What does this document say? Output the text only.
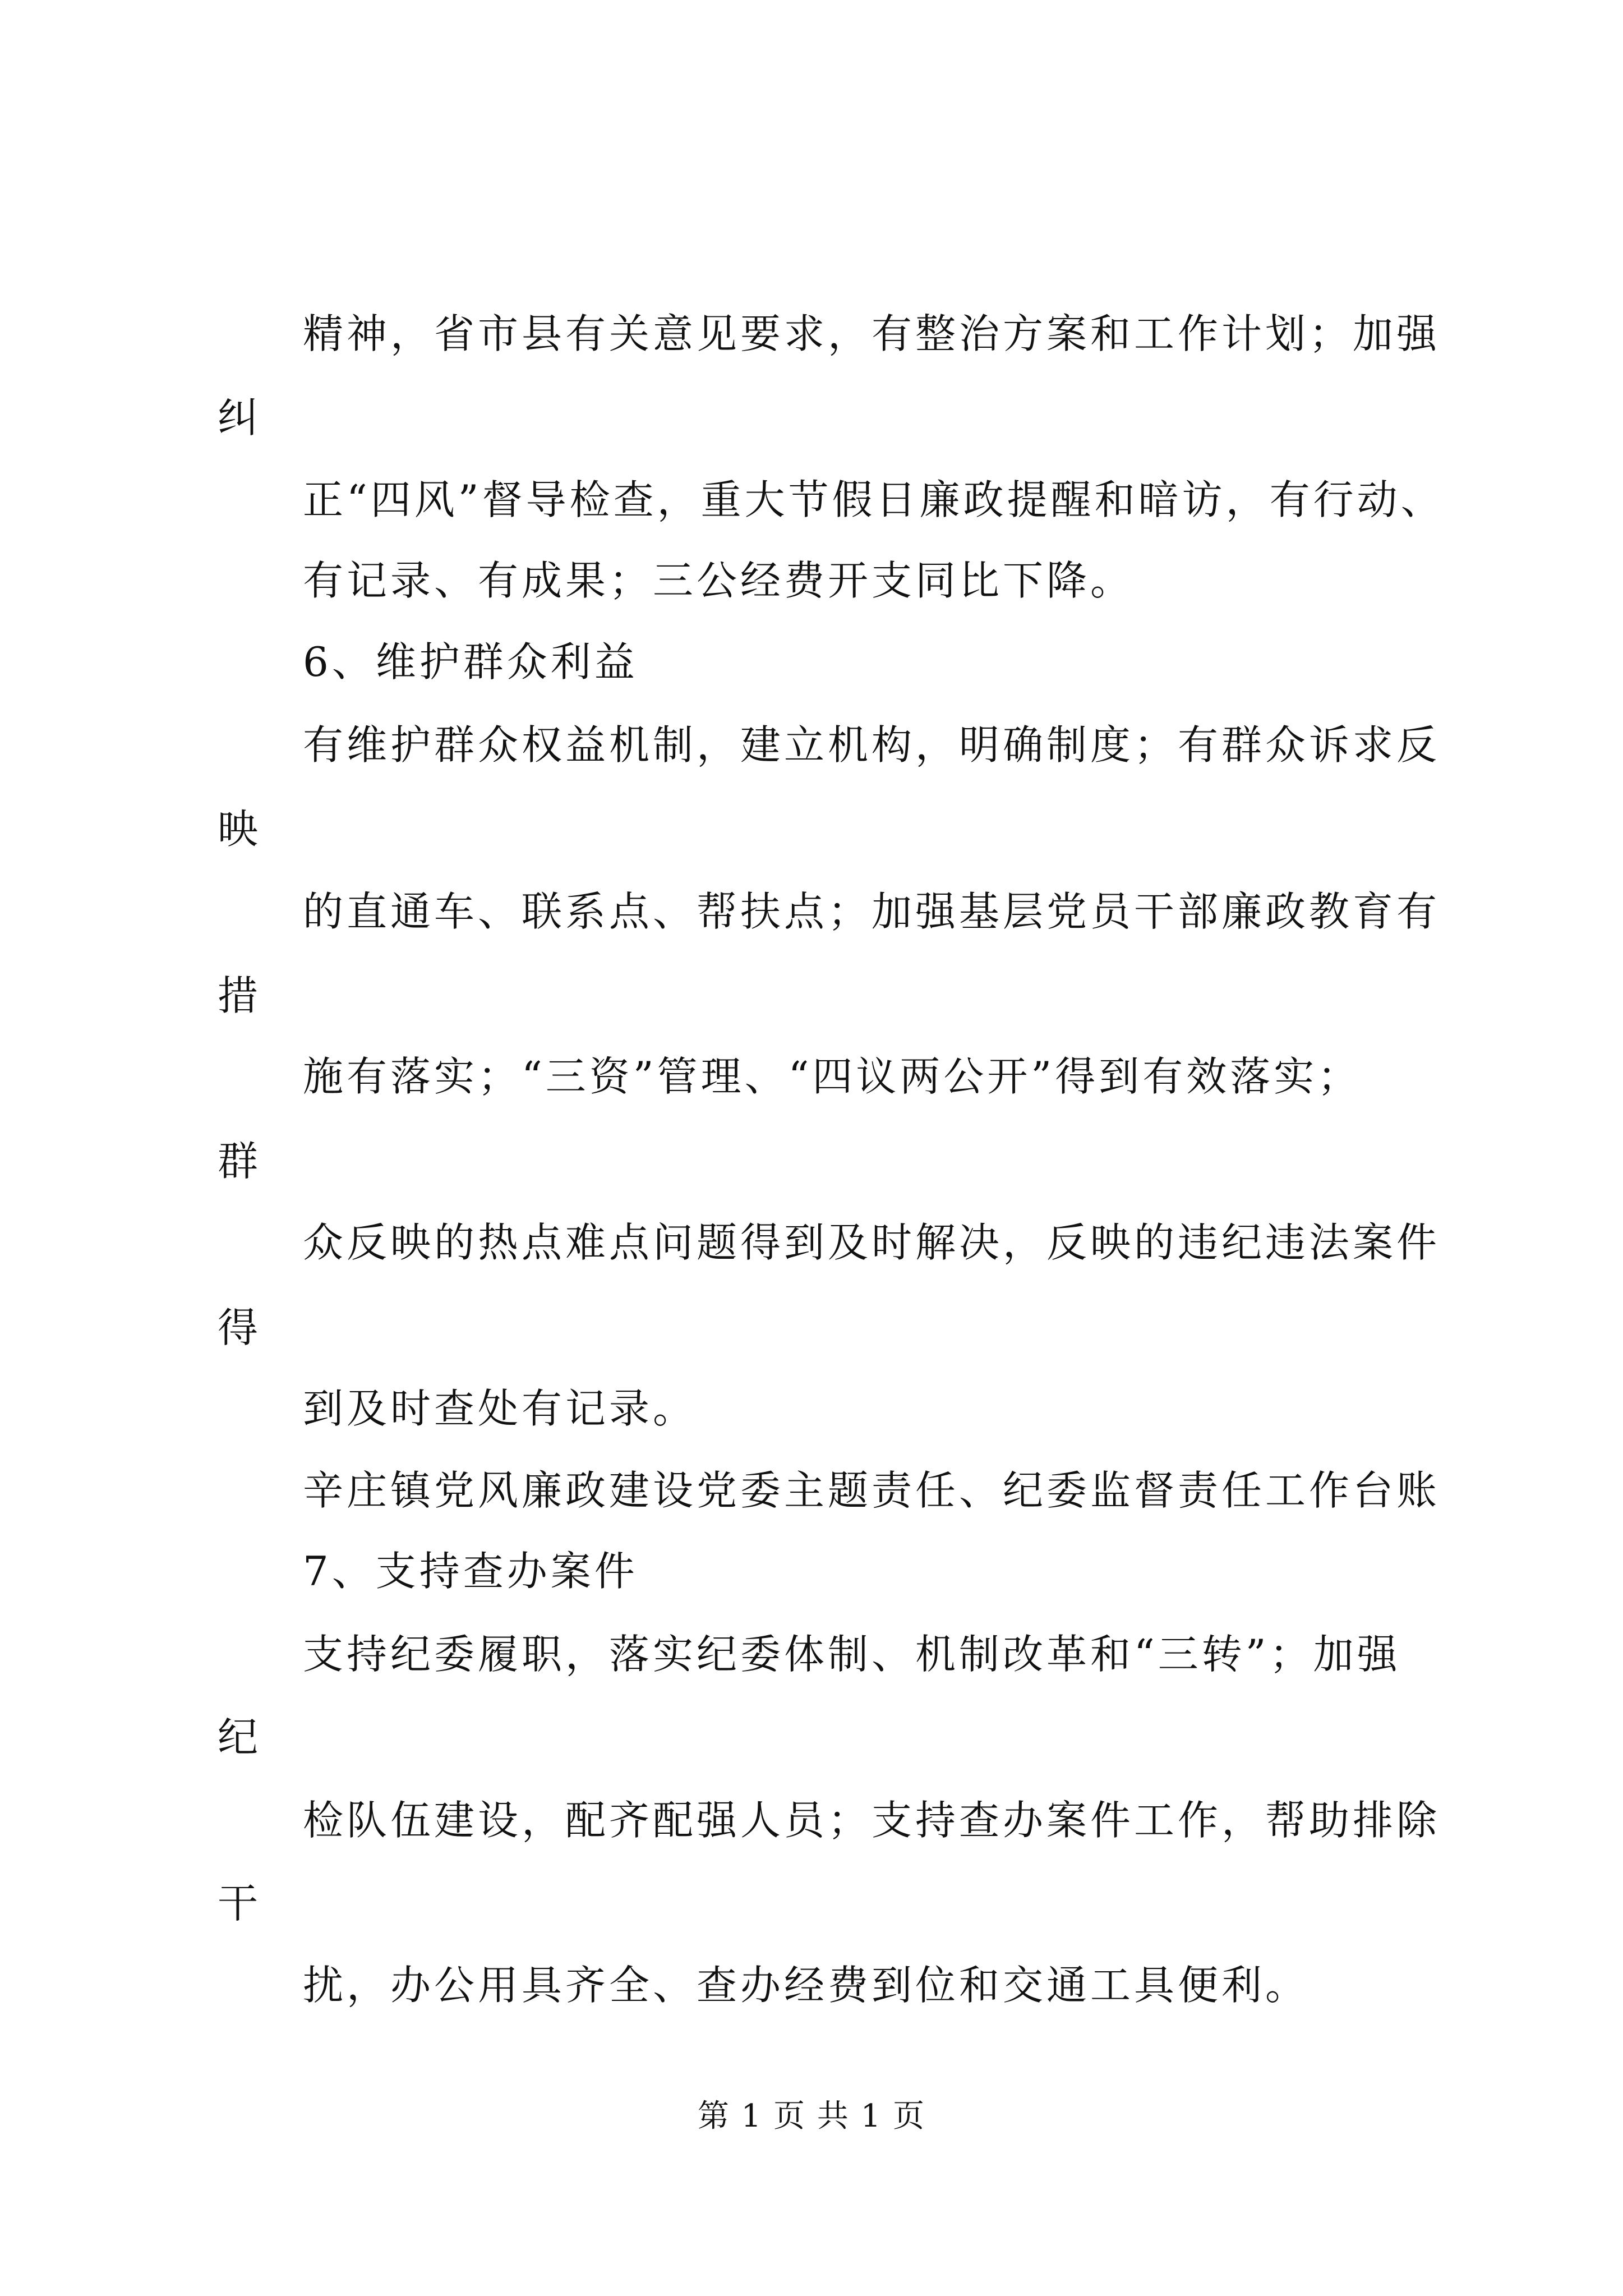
精神，省市县有关意见要求，有整治方案和工作计划；加强
纠
正“四风”督导检查，重大节假日廉政提醒和暗访，有行动、
有记录、有成果；三公经费开支同比下降。
6、维护群众利益
有维护群众权益机制，建立机构，明确制度；有群众诉求反
映
的直通车、联系点、帮扶点；加强基层党员干部廉政教育有
措
施有落实；“三资”管理、“四议两公开”得到有效落实；
群
众反映的热点难点问题得到及时解决，反映的违纪违法案件
得
到及时查处有记录。
辛庄镇党风廉政建设党委主题责任、纪委监督责任工作台账
7、支持查办案件
支持纪委履职，落实纪委体制、机制改革和“三转”；加强
纪
检队伍建设，配齐配强人员；支持查办案件工作，帮助排除
干
扰，办公用具齐全、查办经费到位和交通工具便利。
第 1 页 共 1 页
